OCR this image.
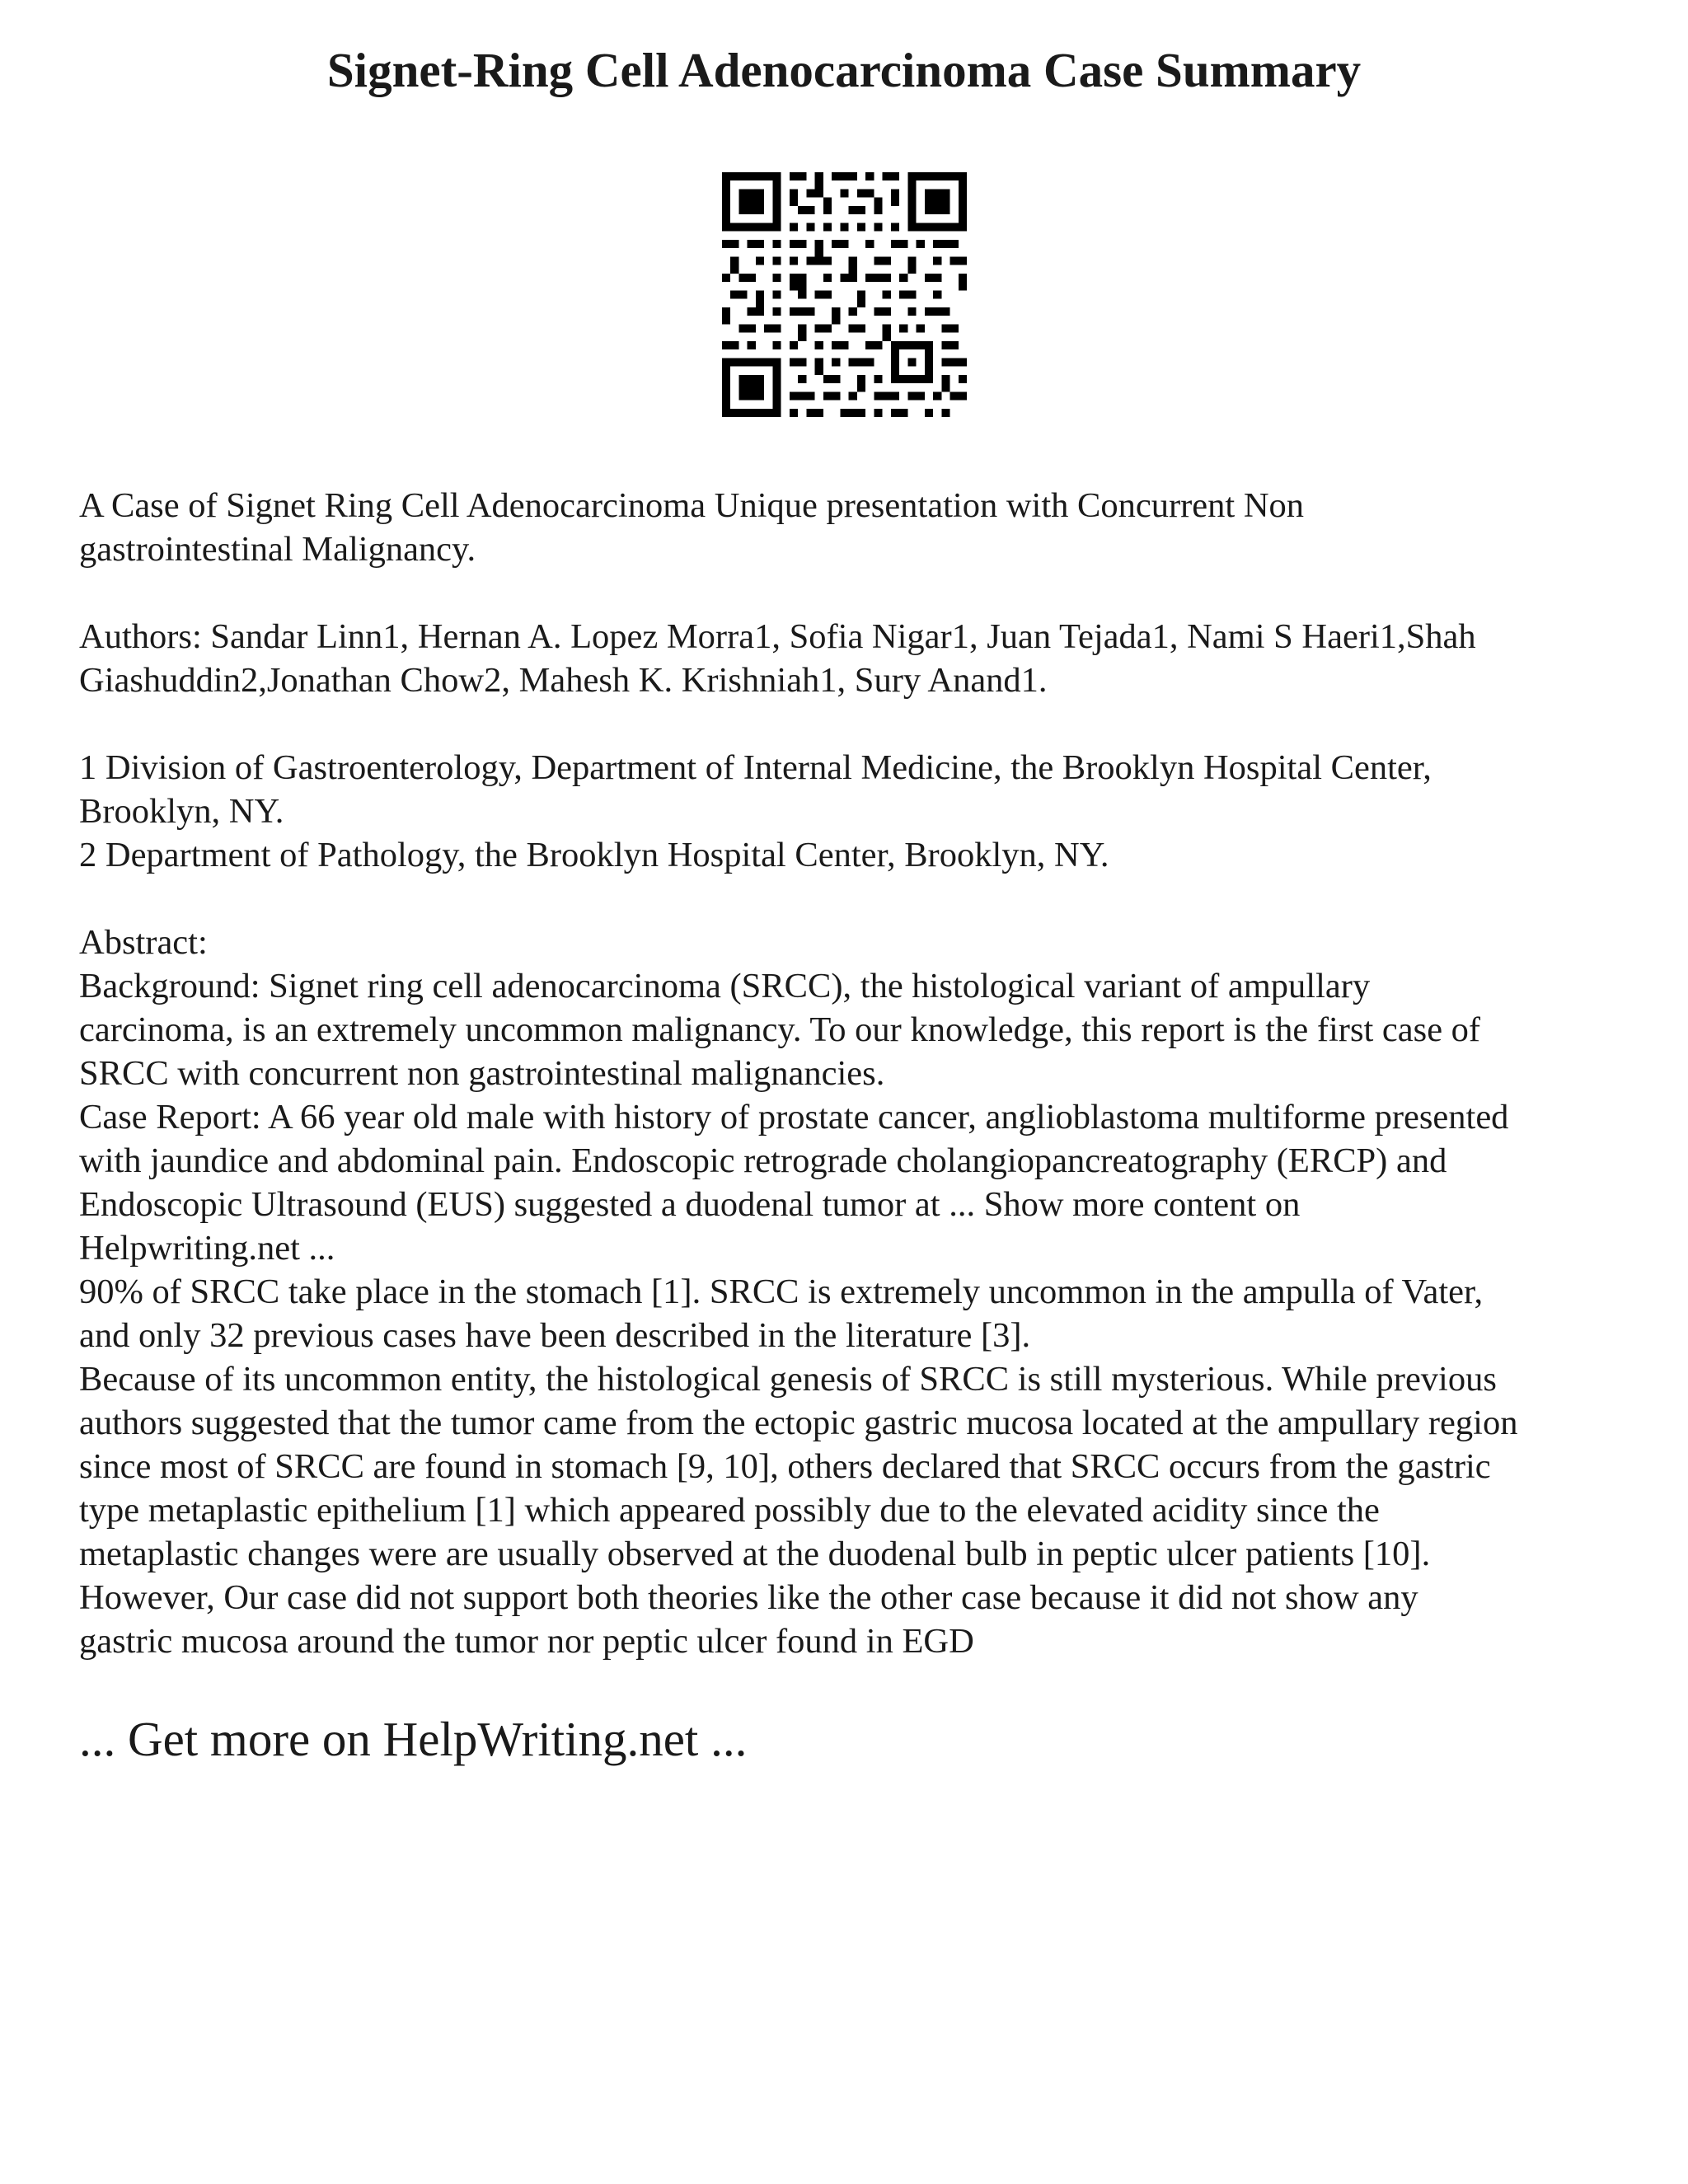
Signet-Ring Cell Adenocarcinoma Case Summary

A Case of Signet Ring Cell Adenocarcinoma Unique presentation with Concurrent Non

gastrointestinal Malignancy.

Authors: Sandar Linn1, Hernan A. Lopez Morra1, Sofia Nigar1, Juan Tejada1, Nami S Haeri1,Shah

Giashuddin2,Jonathan Chow2, Mahesh K. Krishniah1, Sury Anand1.

1 Division of Gastroenterology, Department of Internal Medicine, the Brooklyn Hospital Center,

Brooklyn, NY.

2 Department of Pathology, the Brooklyn Hospital Center, Brooklyn, NY.

Abstract:

Background: Signet ring cell adenocarcinoma (SRCC), the histological variant of ampullary

carcinoma, is an extremely uncommon malignancy. To our knowledge, this report is the first case of

SRCC with concurrent non gastrointestinal malignancies.

Case Report: A 66 year old male with history of prostate cancer, anglioblastoma multiforme presented

with jaundice and abdominal pain. Endoscopic retrograde cholangiopancreatography (ERCP) and

Endoscopic Ultrasound (EUS) suggested a duodenal tumor at ... Show more content on

Helpwriting.net ...

90% of SRCC take place in the stomach [1]. SRCC is extremely uncommon in the ampulla of Vater,

and only 32 previous cases have been described in the literature [3].

Because of its uncommon entity, the histological genesis of SRCC is still mysterious. While previous

authors suggested that the tumor came from the ectopic gastric mucosa located at the ampullary region

since most of SRCC are found in stomach [9, 10], others declared that SRCC occurs from the gastric

type metaplastic epithelium [1] which appeared possibly due to the elevated acidity since the

metaplastic changes were are usually observed at the duodenal bulb in peptic ulcer patients [10].

However, Our case did not support both theories like the other case because it did not show any

gastric mucosa around the tumor nor peptic ulcer found in EGD

... Get more on HelpWriting.net ...
